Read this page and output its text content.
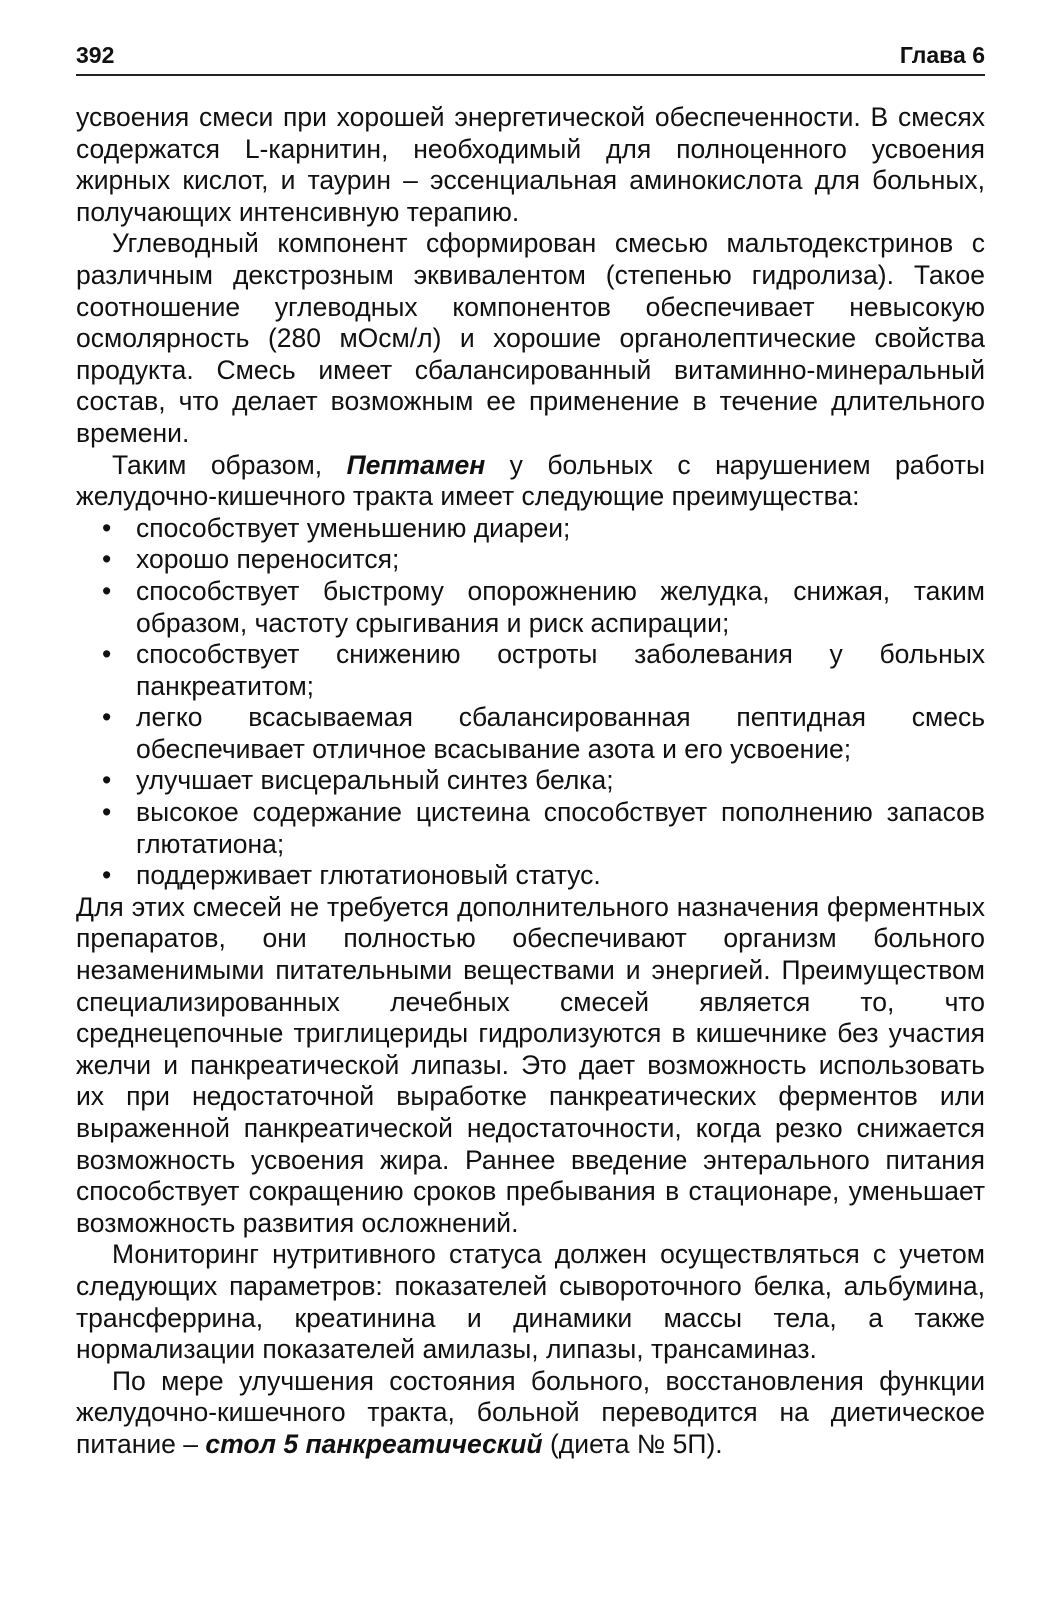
392	Глава 6

усвоения смеси при хорошей энергетической обеспеченности. В смесях содержатся L-карнитин, необходимый для полноценного усвоения жирных кислот, и таурин – эссенциальная аминокислота для больных, получающих интенсивную терапию.

Углеводный компонент сформирован смесью мальтодекстринов с различным декстрозным эквивалентом (степенью гидролиза). Такое соотношение углеводных компонентов обеспечивает невысокую осмолярность (280 мОсм/л) и хорошие органолептические свойства продукта. Смесь имеет сбалансированный витаминно-минеральный состав, что делает возможным ее применение в течение длительного времени.

Таким образом, Пептамен у больных с нарушением работы желудочно-кишечного тракта имеет следующие преимущества:

• способствует уменьшению диареи;
• хорошо переносится;
• способствует быстрому опорожнению желудка, снижая, таким образом, частоту срыгивания и риск аспирации;
• способствует снижению остроты заболевания у больных панкреатитом;
• легко всасываемая сбалансированная пептидная смесь обеспечивает отличное всасывание азота и его усвоение;
• улучшает висцеральный синтез белка;
• высокое содержание цистеина способствует пополнению запасов глютатиона;
• поддерживает глютатионовый статус.

Для этих смесей не требуется дополнительного назначения ферментных препаратов, они полностью обеспечивают организм больного незаменимыми питательными веществами и энергией. Преимуществом специализированных лечебных смесей является то, что среднецепочные триглицериды гидролизуются в кишечнике без участия желчи и панкреатической липазы. Это дает возможность использовать их при недостаточной выработке панкреатических ферментов или выраженной панкреатической недостаточности, когда резко снижается возможность усвоения жира. Раннее введение энтерального питания способствует сокращению сроков пребывания в стационаре, уменьшает возможность развития осложнений.

Мониторинг нутритивного статуса должен осуществляться с учетом следующих параметров: показателей сывороточного белка, альбумина, трансферрина, креатинина и динамики массы тела, а также нормализации показателей амилазы, липазы, трансаминаз.

По мере улучшения состояния больного, восстановления функции желудочно-кишечного тракта, больной переводится на диетическое питание – стол 5 панкреатический (диета № 5П).
